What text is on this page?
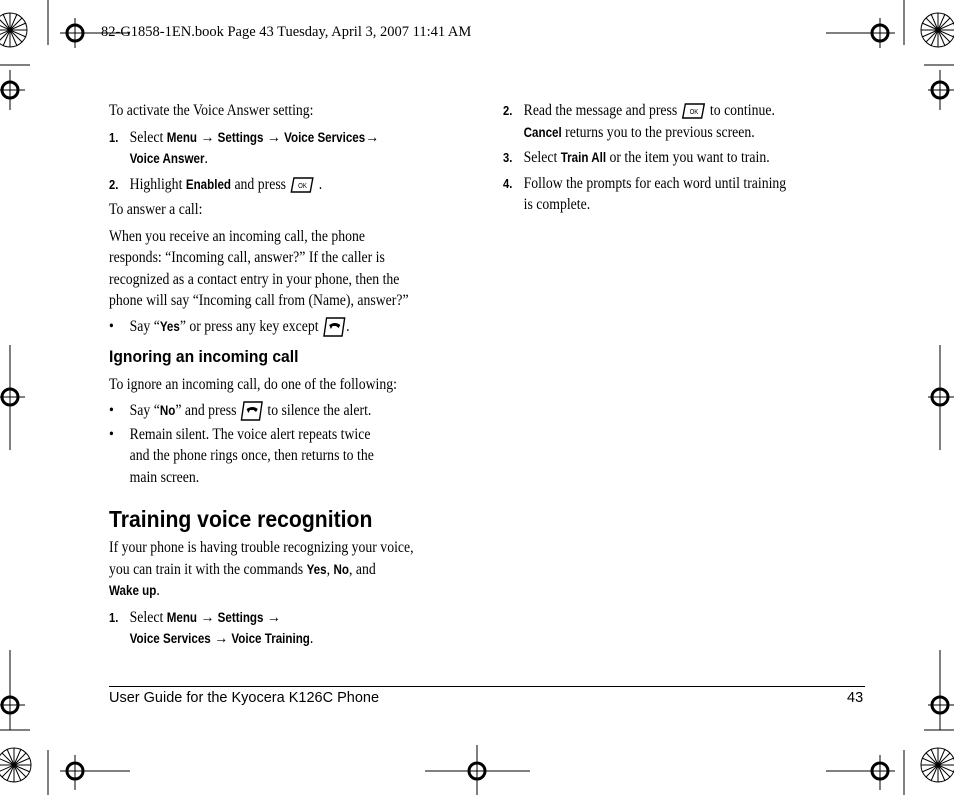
82-G1858-1EN.book Page 43 Tuesday, April 3, 2007 11:41 AM
To activate the Voice Answer setting:
1. Select Menu → Settings → Voice Services→
Voice Answer.
2. Highlight Enabled and press OK .
To answer a call:
When you receive an incoming call, the phone
responds: “Incoming call, answer?” If the caller is
recognized as a contact entry in your phone, then the
phone will say “Incoming call from (Name), answer?”
• Say “Yes” or press any key except .
Ignoring an incoming call
To ignore an incoming call, do one of the following:
• Say “No” and press  to silence the alert.
• Remain silent. The voice alert repeats twice
and the phone rings once, then returns to the
main screen.
Training voice recognition
If your phone is having trouble recognizing your voice,
you can train it with the commands Yes, No, and
Wake up.
1. Select Menu → Settings →
Voice Services → Voice Training.
2. Read the message and press OK to continue.
Cancel returns you to the previous screen.
3. Select Train All or the item you want to train.
4. Follow the prompts for each word until training
is complete.
User Guide for the Kyocera K126C Phone	43
